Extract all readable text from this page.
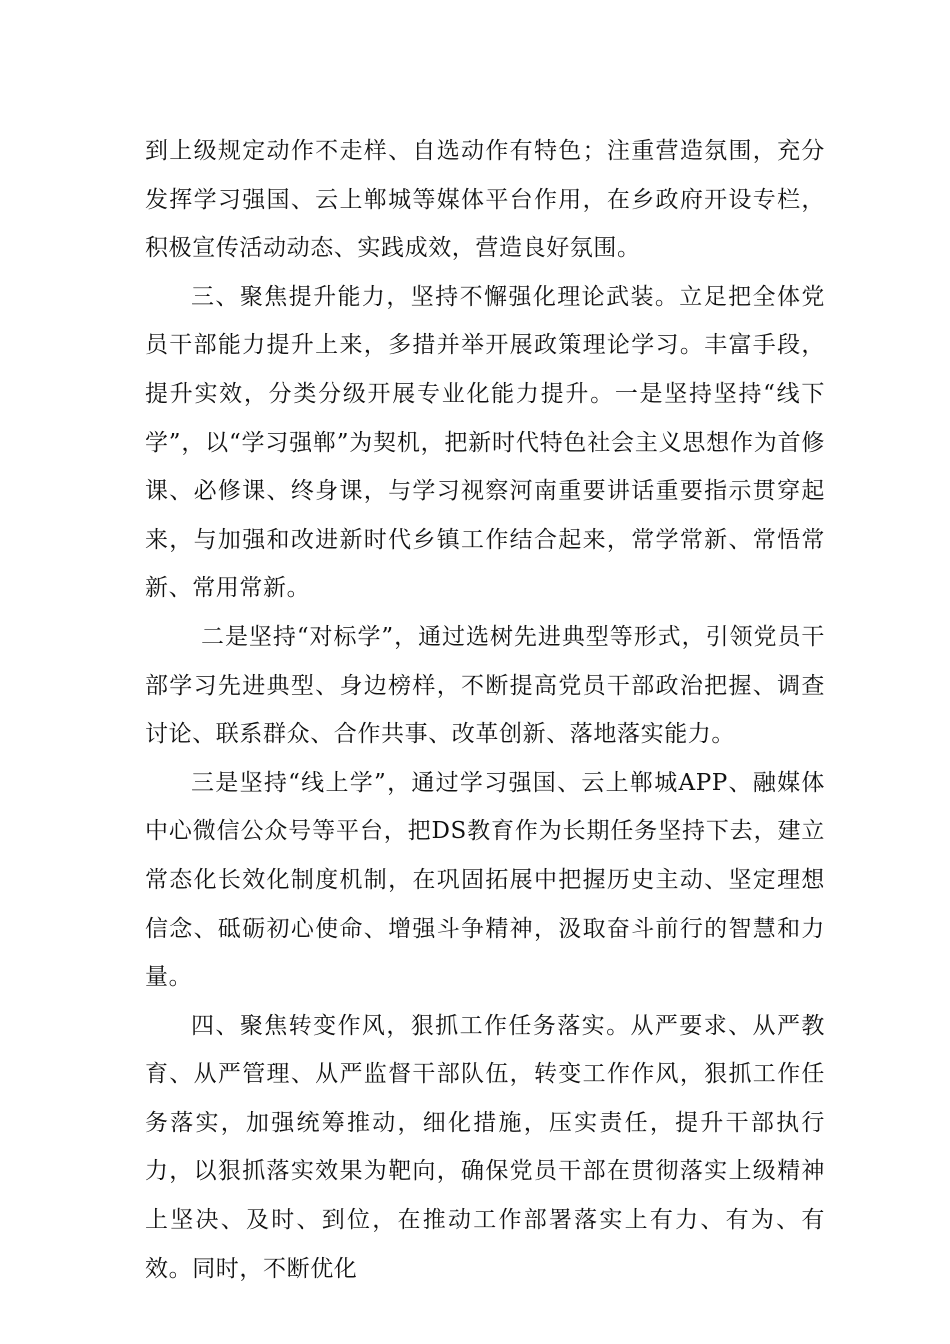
到上级规定动作不走样、自选动作有特色；注重营造氛围，充分发挥学习强国、云上郸城等媒体平台作用，在乡政府开设专栏，积极宣传活动动态、实践成效，营造良好氛围。

三、聚焦提升能力，坚持不懈强化理论武装。立足把全体党员干部能力提升上来，多措并举开展政策理论学习。丰富手段，提升实效，分类分级开展专业化能力提升。一是坚持坚持“线下学”，以“学习强郸”为契机，把新时代特色社会主义思想作为首修课、必修课、终身课，与学习视察河南重要讲话重要指示贯穿起来，与加强和改进新时代乡镇工作结合起来，常学常新、常悟常新、常用常新。

二是坚持“对标学”，通过选树先进典型等形式，引领党员干部学习先进典型、身边榜样，不断提高党员干部政治把握、调查讨论、联系群众、合作共事、改革创新、落地落实能力。

三是坚持“线上学”，通过学习强国、云上郸城APP、融媒体中心微信公众号等平台，把DS教育作为长期任务坚持下去，建立常态化长效化制度机制，在巩固拓展中把握历史主动、坚定理想信念、砥砺初心使命、增强斗争精神，汲取奋斗前行的智慧和力量。

四、聚焦转变作风，狠抓工作任务落实。从严要求、从严教育、从严管理、从严监督干部队伍，转变工作作风，狠抓工作任务落实，加强统筹推动，细化措施，压实责任，提升干部执行力，以狠抓落实效果为靶向，确保党员干部在贯彻落实上级精神上坚决、及时、到位，在推动工作部署落实上有力、有为、有效。同时，不断优化
